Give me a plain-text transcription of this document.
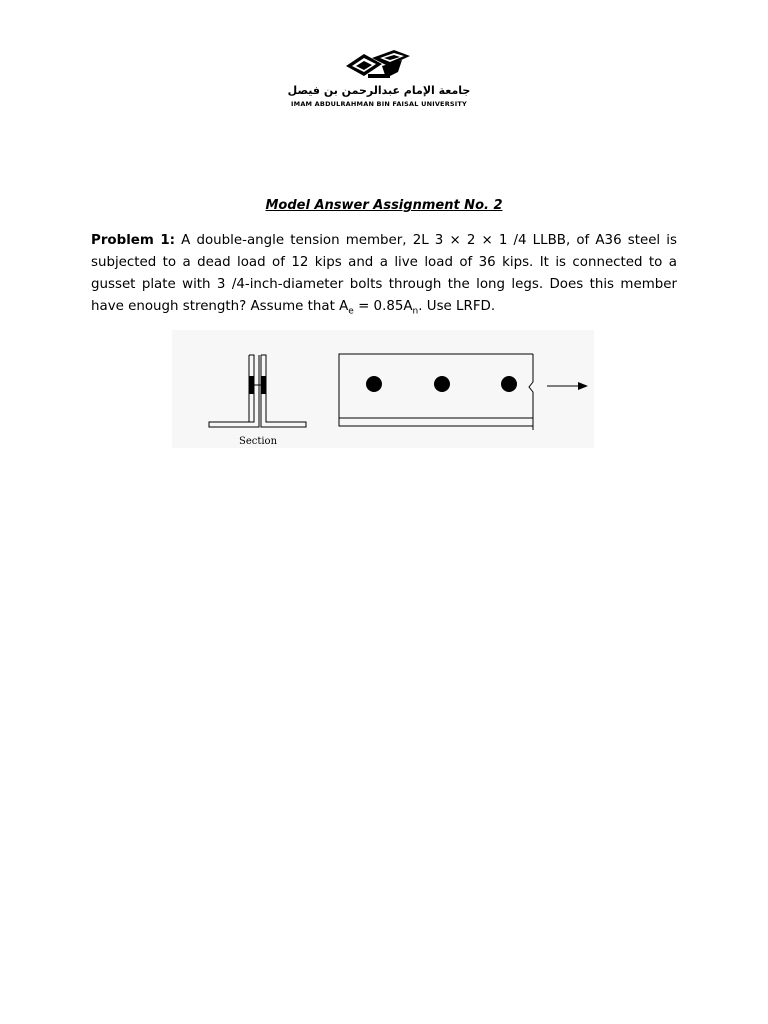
جامعة الإمام عبدالرحمن بن فيصل
IMAM ABDULRAHMAN BIN FAISAL UNIVERSITY
Model Answer Assignment No. 2

Problem 1: A double-angle tension member, 2L 3 × 2 × 1 /4 LLBB, of A36 steel is subjected to a dead load of 12 kips and a live load of 36 kips. It is connected to a gusset plate with 3 /4-inch-diameter bolts through the long legs. Does this member have enough strength? Assume that $A_e = 0.85A_n$. Use LRFD.

Section
